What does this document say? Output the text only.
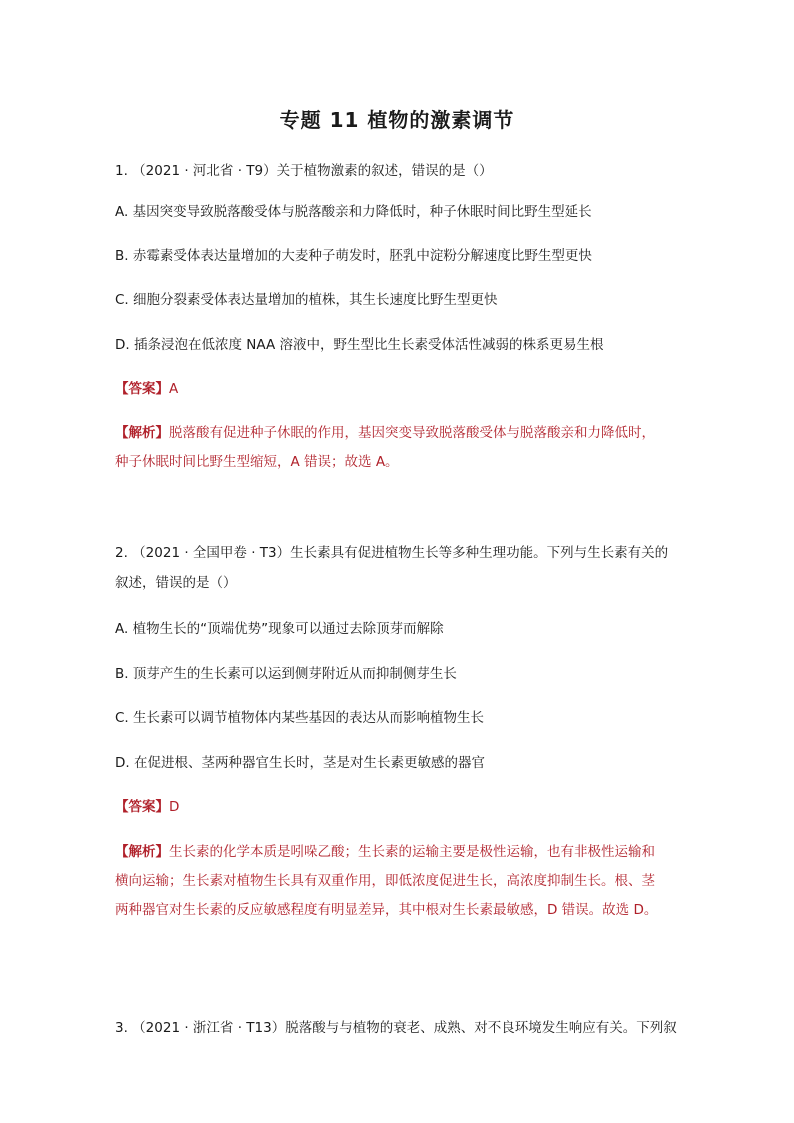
专题 11 植物的激素调节
1. （2021 · 河北省 · T9）关于植物激素的叙述，错误的是（）
A. 基因突变导致脱落酸受体与脱落酸亲和力降低时，种子休眠时间比野生型延长
B. 赤霉素受体表达量增加的大麦种子萌发时，胚乳中淀粉分解速度比野生型更快
C. 细胞分裂素受体表达量增加的植株，其生长速度比野生型更快
D. 插条浸泡在低浓度 NAA 溶液中，野生型比生长素受体活性减弱的株系更易生根
【答案】A
【解析】脱落酸有促进种子休眠的作用，基因突变导致脱落酸受体与脱落酸亲和力降低时，
种子休眠时间比野生型缩短，A 错误；故选 A。
2. （2021 · 全国甲卷 · T3）生长素具有促进植物生长等多种生理功能。下列与生长素有关的
叙述，错误的是（）
A. 植物生长的“顶端优势”现象可以通过去除顶芽而解除
B. 顶芽产生的生长素可以运到侧芽附近从而抑制侧芽生长
C. 生长素可以调节植物体内某些基因的表达从而影响植物生长
D. 在促进根、茎两种器官生长时，茎是对生长素更敏感的器官
【答案】D
【解析】生长素的化学本质是吲哚乙酸；生长素的运输主要是极性运输，也有非极性运输和
横向运输；生长素对植物生长具有双重作用，即低浓度促进生长，高浓度抑制生长。根、茎
两种器官对生长素的反应敏感程度有明显差异，其中根对生长素最敏感，D 错误。故选 D。
3. （2021 · 浙江省 · T13）脱落酸与与植物的衰老、成熟、对不良环境发生响应有关。下列叙
